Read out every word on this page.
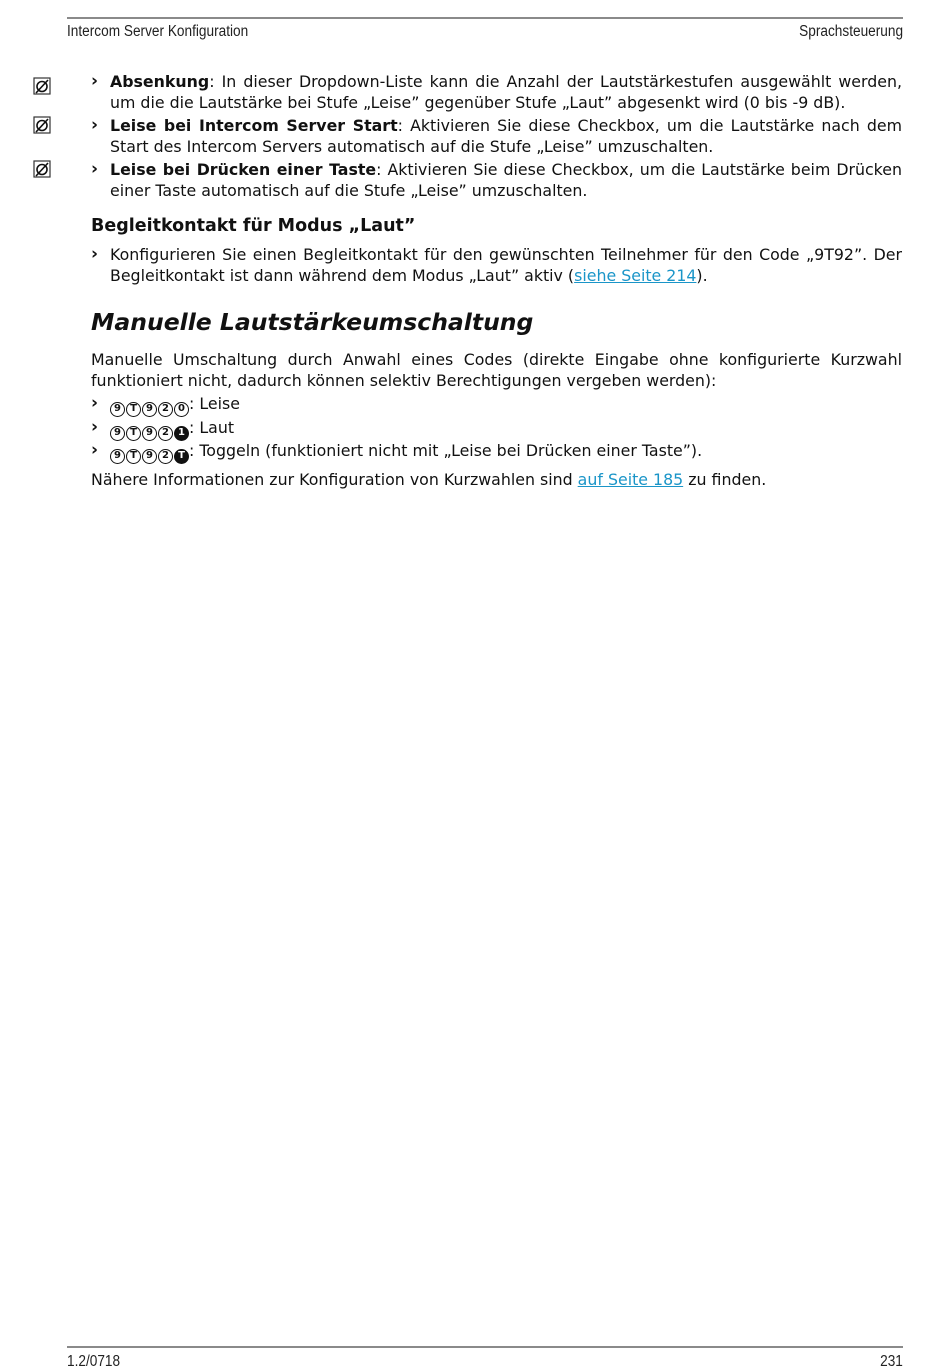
Intercom Server Konfiguration	Sprachsteuerung
› Absenkung: In dieser Dropdown-Liste kann die Anzahl der Lautstärkestufen ausgewählt werden, um die die Lautstärke bei Stufe „Leise” gegenüber Stufe „Laut” abgesenkt wird (0 bis -9 dB).
› Leise bei Intercom Server Start: Aktivieren Sie diese Checkbox, um die Lautstärke nach dem Start des Intercom Servers automatisch auf die Stufe „Leise” umzuschalten.
› Leise bei Drücken einer Taste: Aktivieren Sie diese Checkbox, um die Lautstärke beim Drücken einer Taste automatisch auf die Stufe „Leise” umzuschalten.
Begleitkontakt für Modus „Laut”
› Konfigurieren Sie einen Begleitkontakt für den gewünschten Teilnehmer für den Code „9T92”. Der Begleitkontakt ist dann während dem Modus „Laut” aktiv (siehe Seite 214).
Manuelle Lautstärkeumschaltung
Manuelle Umschaltung durch Anwahl eines Codes (direkte Eingabe ohne konfigurierte Kurzwahl funktioniert nicht, dadurch können selektiv Berechtigungen vergeben werden):
›	9 T 9 2 0 : Leise
›	9 T 9 2 1 : Laut
›	9 T 9 2 T : Toggeln (funktioniert nicht mit „Leise bei Drücken einer Taste”).
Nähere Informationen zur Konfiguration von Kurzwahlen sind auf Seite 185 zu finden.
1.2/0718	231
